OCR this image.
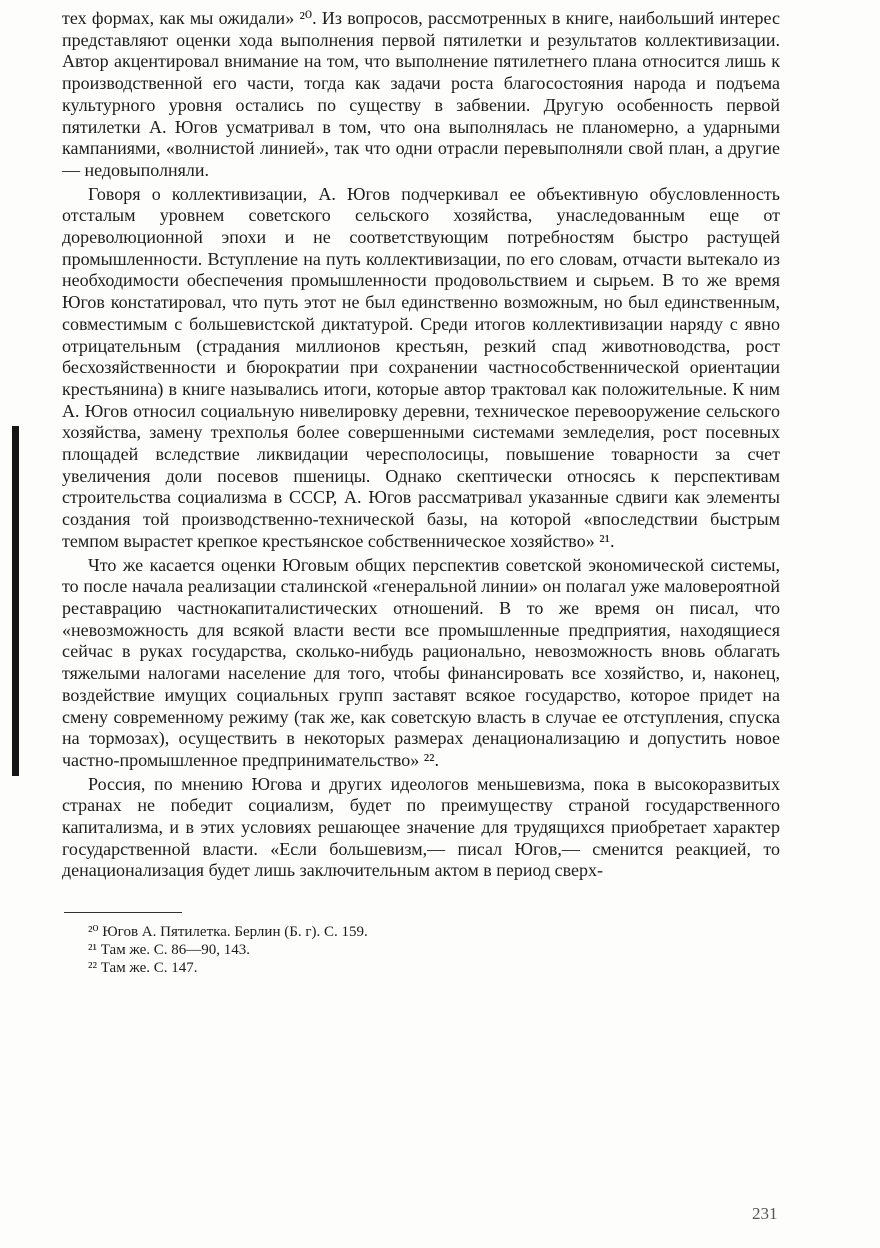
тех формах, как мы ожидали» ²⁰. Из вопросов, рассмотренных в книге, наибольший интерес представляют оценки хода выполнения первой пятилетки и результатов коллективизации. Автор акцентировал внимание на том, что выполнение пятилетнего плана относится лишь к производственной его части, тогда как задачи роста благосостояния народа и подъема культурного уровня остались по существу в забвении. Другую особенность первой пятилетки А. Югов усматривал в том, что она выполнялась не планомерно, а ударными кампаниями, «волнистой линией», так что одни отрасли перевыполняли свой план, а другие — недовыполняли.

Говоря о коллективизации, А. Югов подчеркивал ее объективную обусловленность отсталым уровнем советского сельского хозяйства, унаследованным еще от дореволюционной эпохи и не соответствующим потребностям быстро растущей промышленности. Вступление на путь коллективизации, по его словам, отчасти вытекало из необходимости обеспечения промышленности продовольствием и сырьем. В то же время Югов констатировал, что путь этот не был единственно возможным, но был единственным, совместимым с большевистской диктатурой. Среди итогов коллективизации наряду с явно отрицательным (страдания миллионов крестьян, резкий спад животноводства, рост бесхозяйственности и бюрократии при сохранении частнособственнической ориентации крестьянина) в книге назывались итоги, которые автор трактовал как положительные. К ним А. Югов относил социальную нивелировку деревни, техническое перевооружение сельского хозяйства, замену трехполья более совершенными системами земледелия, рост посевных площадей вследствие ликвидации чересполосицы, повышение товарности за счет увеличения доли посевов пшеницы. Однако скептически относясь к перспективам строительства социализма в СССР, А. Югов рассматривал указанные сдвиги как элементы создания той производственно-технической базы, на которой «впоследствии быстрым темпом вырастет крепкое крестьянское собственническое хозяйство» ²¹.

Что же касается оценки Юговым общих перспектив советской экономической системы, то после начала реализации сталинской «генеральной линии» он полагал уже маловероятной реставрацию частнокапиталистических отношений. В то же время он писал, что «невозможность для всякой власти вести все промышленные предприятия, находящиеся сейчас в руках государства, сколько-нибудь рационально, невозможность вновь облагать тяжелыми налогами население для того, чтобы финансировать все хозяйство, и, наконец, воздействие имущих социальных групп заставят всякое государство, которое придет на смену современному режиму (так же, как советскую власть в случае ее отступления, спуска на тормозах), осуществить в некоторых размерах денационализацию и допустить новое частно-промышленное предпринимательство» ²².

Россия, по мнению Югова и других идеологов меньшевизма, пока в высокоразвитых странах не победит социализм, будет по преимуществу страной государственного капитализма, и в этих условиях решающее значение для трудящихся приобретает характер государственной власти. «Если большевизм,— писал Югов,— сменится реакцией, то денационализация будет лишь заключительным актом в период сверх-

²⁰ Югов А. Пятилетка. Берлин (Б. г). С. 159.
²¹ Там же. С. 86—90, 143.
²² Там же. С. 147.
231
